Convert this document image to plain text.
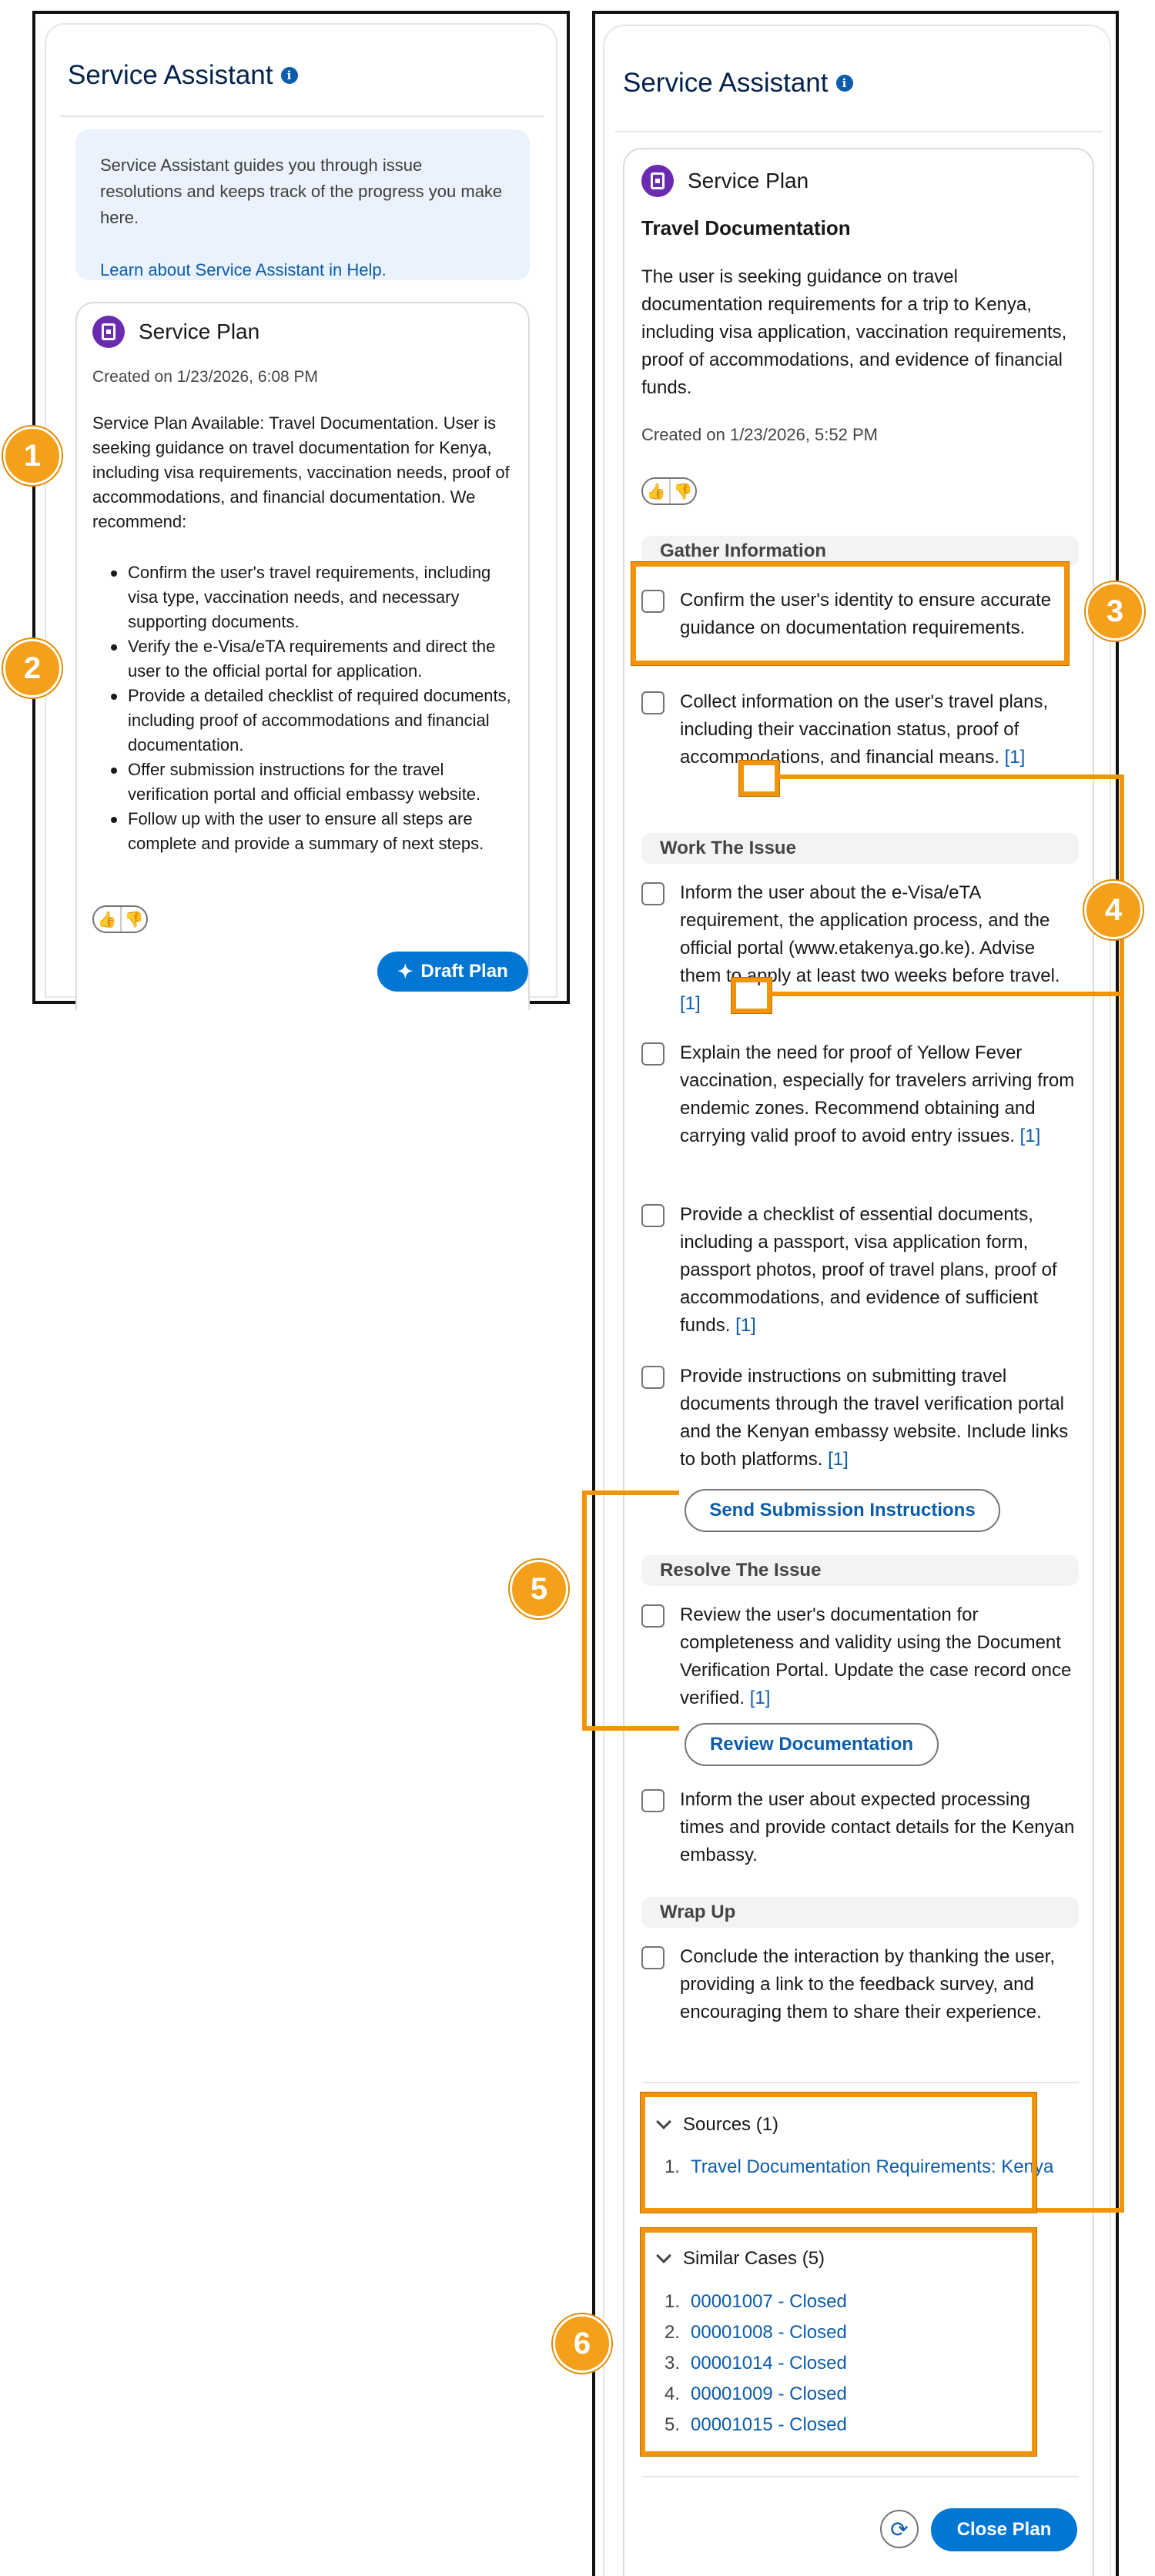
Service Assistant	i
Service Assistant guides you through issue resolutions and keeps track of the progress you make here.
Learn about Service Assistant in Help.
Service Plan
Created on 1/23/2026, 6:08 PM
Service Plan Available: Travel Documentation. User is seeking guidance on travel documentation for Kenya, including visa requirements, vaccination needs, proof of accommodations, and financial documentation. We recommend:
Confirm the user's travel requirements, including visa type, vaccination needs, and necessary supporting documents.
Verify the e-Visa/eTA requirements and direct the user to the official portal for application.
Provide a detailed checklist of required documents, including proof of accommodations and financial documentation.
Offer submission instructions for the travel verification portal and official embassy website.
Follow up with the user to ensure all steps are complete and provide a summary of next steps.
👍 👎
✦ Draft Plan
Service Assistant	i
Service Plan
Travel Documentation
The user is seeking guidance on travel documentation requirements for a trip to Kenya, including visa application, vaccination requirements, proof of accommodations, and evidence of financial funds.
Created on 1/23/2026, 5:52 PM
👍 👎
Gather Information
Confirm the user's identity to ensure accurate guidance on documentation requirements.
Collect information on the user's travel plans, including their vaccination status, proof of accommodations, and financial means. [1]
Work The Issue
Inform the user about the e-Visa/eTA requirement, the application process, and the official portal (www.etakenya.go.ke). Advise them to apply at least two weeks before travel. [1]
Explain the need for proof of Yellow Fever vaccination, especially for travelers arriving from endemic zones. Recommend obtaining and carrying valid proof to avoid entry issues. [1]
Provide a checklist of essential documents, including a passport, visa application form, passport photos, proof of travel plans, proof of accommodations, and evidence of sufficient funds. [1]
Provide instructions on submitting travel documents through the travel verification portal and the Kenyan embassy website. Include links to both platforms. [1]
Send Submission Instructions
Resolve The Issue
Review the user's documentation for completeness and validity using the Document Verification Portal. Update the case record once verified. [1]
Review Documentation
Inform the user about expected processing times and provide contact details for the Kenyan embassy.
Wrap Up
Conclude the interaction by thanking the user, providing a link to the feedback survey, and encouraging them to share their experience.
Sources (1)
1. Travel Documentation Requirements: Kenya
Similar Cases (5)
1. 00001007 - Closed
2. 00001008 - Closed
3. 00001014 - Closed
4. 00001009 - Closed
5. 00001015 - Closed
⟳	Close Plan
1
2
3
4
5
6
